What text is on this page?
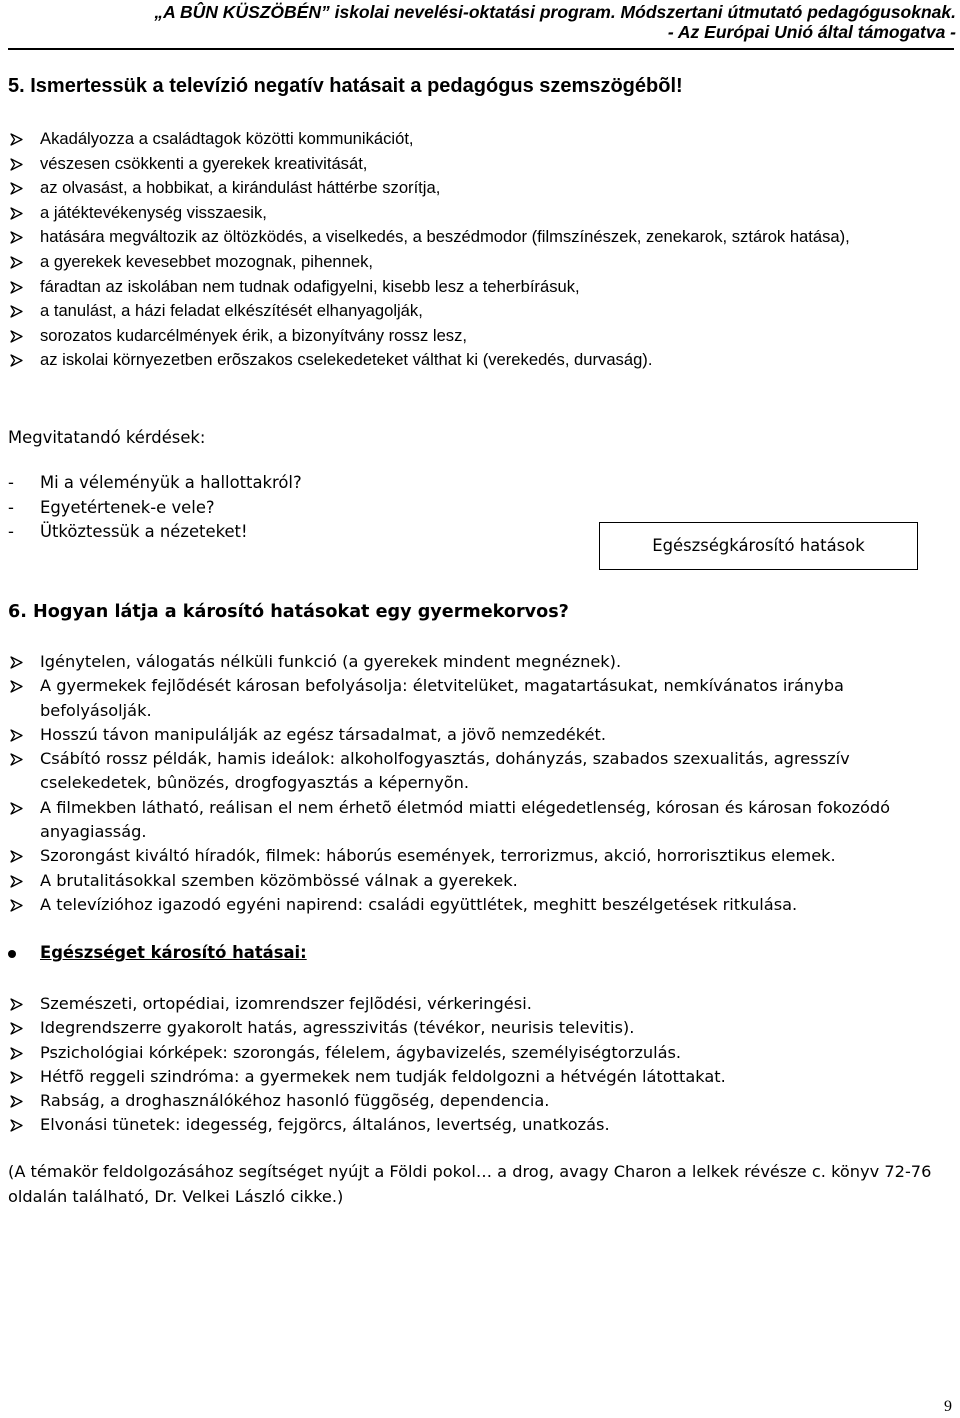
„A BÛN KÜSZÖBÉN” iskolai nevelési-oktatási program. Módszertani útmutató pedagógusoknak.
- Az Európai Unió által támogatva -
5. Ismertessük a televízió negatív hatásait a pedagógus szemszögébõl!
Akadályozza a családtagok közötti kommunikációt,
vészesen csökkenti a gyerekek kreativitását,
az olvasást, a hobbikat, a kirándulást háttérbe szorítja,
a játéktevékenység visszaesik,
hatására megváltozik az öltözködés, a viselkedés, a beszédmodor (filmszínészek, zenekarok, sztárok hatása),
a gyerekek kevesebbet mozognak, pihennek,
fáradtan az iskolában nem tudnak odafigyelni, kisebb lesz a teherbírásuk,
a tanulást, a házi feladat elkészítését elhanyagolják,
sorozatos kudarcélmények érik, a bizonyítvány rossz lesz,
az iskolai környezetben erõszakos cselekedeteket válthat ki (verekedés, durvaság).
Megvitatandó kérdések:
- Mi a véleményük a hallottakról?
- Egyetértenek-e vele?
- Ütköztessük a nézeteket!
Egészségkárosító hatások
6. Hogyan látja a károsító hatásokat egy gyermekorvos?
Igénytelen, válogatás nélküli funkció (a gyerekek mindent megnéznek).
A gyermekek fejlõdését károsan befolyásolja: életvitelüket, magatartásukat, nemkívánatos irányba befolyásolják.
Hosszú távon manipulálják az egész társadalmat, a jövõ nemzedékét.
Csábító rossz példák, hamis ideálok: alkoholfogyasztás, dohányzás, szabados szexualitás, agresszív cselekedetek, bûnözés, drogfogyasztás a képernyõn.
A filmekben látható, reálisan el nem érhetõ életmód miatti elégedetlenség, kórosan és károsan fokozódó anyagiasság.
Szorongást kiváltó híradók, filmek: háborús események, terrorizmus, akció, horrorisztikus elemek.
A brutalitásokkal szemben közömbössé válnak a gyerekek.
A televízióhoz igazodó egyéni napirend: családi együttlétek, meghitt beszélgetések ritkulása.
Egészséget károsító hatásai:
Szemészeti, ortopédiai, izomrendszer fejlõdési, vérkeringési.
Idegrendszerre gyakorolt hatás, agresszivitás (tévékor, neurisis televitis).
Pszichológiai kórképek: szorongás, félelem, ágybavizelés, személyiségtorzulás.
Hétfõ reggeli szindróma: a gyermekek nem tudják feldolgozni a hétvégén látottakat.
Rabság, a droghasználókéhoz hasonló függõség, dependencia.
Elvonási tünetek: idegesség, fejgörcs, általános, levertség, unatkozás.
(A témakör feldolgozásához segítséget nyújt a Földi pokol… a drog, avagy Charon a lelkek révésze c. könyv 72-76 oldalán található, Dr. Velkei László cikke.)
9
